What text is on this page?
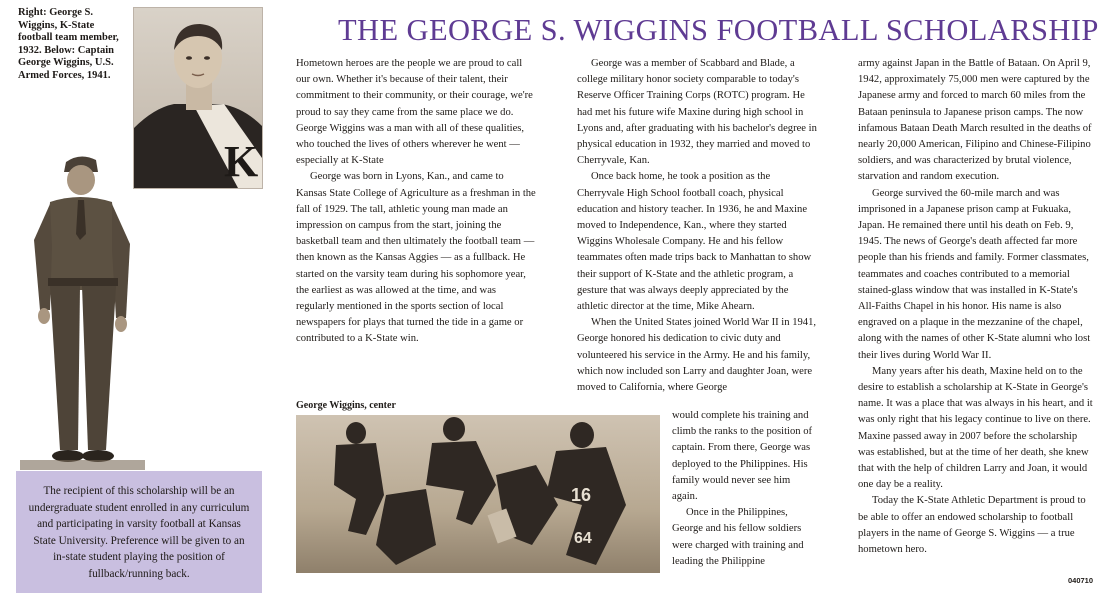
THE GEORGE S. WIGGINS FOOTBALL SCHOLARSHIP
Right: George S. Wiggins, K-State football team member, 1932. Below: Captain George Wiggins, U.S. Armed Forces, 1941.
K
The recipient of this scholarship will be an undergraduate student enrolled in any curriculum and participating in varsity football at Kansas State University. Preference will be given to an in-state student playing the position of fullback/running back.

Hometown heroes are the people we are proud to call our own. Whether it's because of their talent, their commitment to their community, or their courage, we're proud to say they came from the same place we do. George Wiggins was a man with all of these qualities, who touched the lives of others wherever he went — especially at K-State

George was born in Lyons, Kan., and came to Kansas State College of Agriculture as a freshman in the fall of 1929. The tall, athletic young man made an impression on campus from the start, joining the basketball team and then ultimately the football team — then known as the Kansas Aggies — as a fullback. He started on the varsity team during his sophomore year, the earliest as was allowed at the time, and was regularly mentioned in the sports section of local newspapers for plays that turned the tide in a game or contributed to a K-State win.

George was a member of Scabbard and Blade, a college military honor society comparable to today's Reserve Officer Training Corps (ROTC) program. He had met his future wife Maxine during high school in Lyons and, after graduating with his bachelor's degree in physical education in 1932, they married and moved to Cherryvale, Kan.

Once back home, he took a position as the Cherryvale High School football coach, physical education and history teacher. In 1936, he and Maxine moved to Independence, Kan., where they started Wiggins Wholesale Company. He and his fellow teammates often made trips back to Manhattan to show their support of K-State and the athletic program, a gesture that was always deeply appreciated by the athletic director at the time, Mike Ahearn.

When the United States joined World War II in 1941, George honored his dedication to civic duty and volunteered his service in the Army. He and his family, which now included son Larry and daughter Joan, were moved to California, where George

would complete his training and climb the ranks to the position of captain. From there, George was deployed to the Philippines. His family would never see him again.

Once in the Philippines, George and his fellow soldiers were charged with training and leading the Philippine

army against Japan in the Battle of Bataan. On April 9, 1942, approximately 75,000 men were captured by the Japanese army and forced to march 60 miles from the Bataan peninsula to Japanese prison camps. The now infamous Bataan Death March resulted in the deaths of nearly 20,000 American, Filipino and Chinese-Filipino soldiers, and was characterized by brutal violence, starvation and random execution.

George survived the 60-mile march and was imprisoned in a Japanese prison camp at Fukuaka, Japan. He remained there until his death on Feb. 9, 1945. The news of George's death affected far more people than his friends and family. Former classmates, teammates and coaches contributed to a memorial stained-glass window that was installed in K-State's All-Faiths Chapel in his honor. His name is also engraved on a plaque in the mezzanine of the chapel, along with the names of other K-State alumni who lost their lives during World War II.

Many years after his death, Maxine held on to the desire to establish a scholarship at K-State in George's name. It was a place that was always in his heart, and it was only right that his legacy continue to live on there. Maxine passed away in 2007 before the scholarship was established, but at the time of her death, she knew that with the help of children Larry and Joan, it would one day be a reality.

Today the K-State Athletic Department is proud to be able to offer an endowed scholarship to football players in the name of George S. Wiggins — a true hometown hero.

George Wiggins, center
16
64
040710
